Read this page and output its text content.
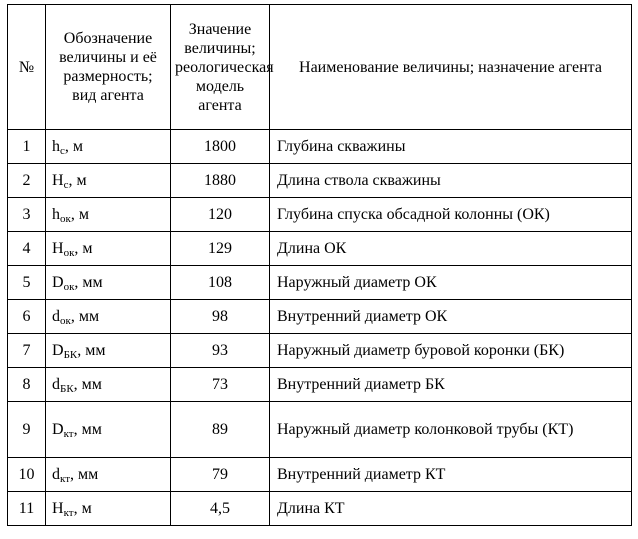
№	Обозначение величины и её размерность; вид агента	Значение величины; реологическая модель агента	Наименование величины; назначение агента
1	$h_с$, м	1800	Глубина скважины
2	$H_с$, м	1880	Длина ствола скважины
3	$h_{ок}$, м	120	Глубина спуска обсадной колонны (ОК)
4	$H_{ок}$, м	129	Длина ОК
5	$D_{ок}$, мм	108	Наружный диаметр ОК
6	$d_{ок}$, мм	98	Внутренний диаметр ОК
7	$D_{БК}$, мм	93	Наружный диаметр буровой коронки (БК)
8	$d_{БК}$, мм	73	Внутренний диаметр БК
9	$D_{кт}$, мм	89	Наружный диаметр колонковой трубы (КТ)
10	$d_{кт}$, мм	79	Внутренний диаметр КТ
11	$H_{кт}$, м	4,5	Длина КТ
